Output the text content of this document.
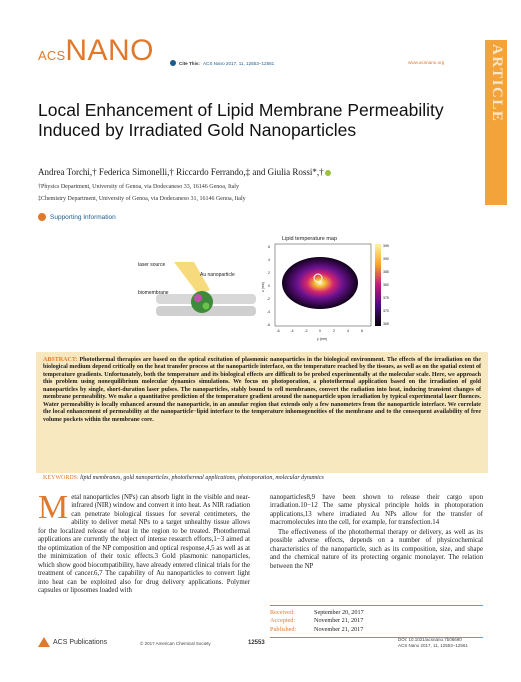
ACS NANO	Cite This: ACS Nano 2017, 11, 12553−12561	www.acsnano.org	ARTICLE
Local Enhancement of Lipid Membrane Permeability Induced by Irradiated Gold Nanoparticles
Andrea Torchi,† Federica Simonelli,† Riccardo Ferrando,‡ and Giulia Rossi*,†
†Physics Department, University of Genoa, via Dodecaneso 33, 16146 Genoa, Italy
‡Chemistry Department, University of Genoa, via Dodecaneso 31, 16146 Genoa, Italy
Supporting Information
laser source
Au nanoparticle
biomembrane
Lipid temperature map
395
390
385
380
375
370
365
6
4
2
0
-2
-4
-6
-6	-4	-2	0	2	4	6
y (nm)
z (nm)
ABSTRACT: Photothermal therapies are based on the optical excitation of plasmonic nanoparticles in the biological environment. The effects of the irradiation on the biological medium depend critically on the heat transfer process at the nanoparticle interface, on the temperature reached by the tissues, as well as on the spatial extent of temperature gradients. Unfortunately, both the temperature and its biological effects are difficult to be probed experimentally at the molecular scale. Here, we approach this problem using nonequilibrium molecular dynamics simulations. We focus on photoporation, a photothermal application based on the irradiation of gold nanoparticles by single, short-duration laser pulses. The nanoparticles, stably bound to cell membranes, convert the radiation into heat, inducing transient changes of membrane permeability. We make a quantitative prediction of the temperature gradient around the nanoparticle upon irradiation by typical experimental laser fluences. Water permeability is locally enhanced around the nanoparticle, in an annular region that extends only a few nanometers from the nanoparticle interface. We correlate the local enhancement of permeability at the nanoparticle−lipid interface to the temperature inhomogeneities of the membrane and to the consequent availability of free volume pockets within the membrane core.
KEYWORDS: lipid membranes, gold nanoparticles, photothermal applications, photoporation, molecular dynamics

Metal nanoparticles (NPs) can absorb light in the visible and near-infrared (NIR) window and convert it into heat. As NIR radiation can penetrate biological tissues for several centimeters, the ability to deliver metal NPs to a target unhealthy tissue allows for the localized release of heat in the region to be treated. Photothermal applications are currently the object of intense research efforts,1−3 aimed at the optimization of the NP composition and optical response,4,5 as well as at the minimization of their toxic effects.3 Gold plasmonic nanoparticles, which show good biocompatibility, have already entered clinical trials for the treatment of cancer.6,7 The capability of Au nanoparticles to convert light into heat can be exploited also for drug delivery applications. Polymer capsules or liposomes loaded with

nanoparticles8,9 have been shown to release their cargo upon irradiation.10−12 The same physical principle holds in photoporation applications,13 where irradiated Au NPs allow for the transfer of macromolecules into the cell, for example, for transfection.14

The effectiveness of the photothermal therapy or delivery, as well as its possible adverse effects, depends on a number of physicochemical characteristics of the nanoparticle, such as its composition, size, and shape and the chemical nature of its protecting organic monolayer. The relation between the NP

Received:	September 20, 2017
Accepted:	November 21, 2017
Published:	November 21, 2017
ACS Publications	© 2017 American Chemical Society	12553
DOI: 10.1021/acsnano.7b06690
ACS Nano 2017, 11, 12553−12561
